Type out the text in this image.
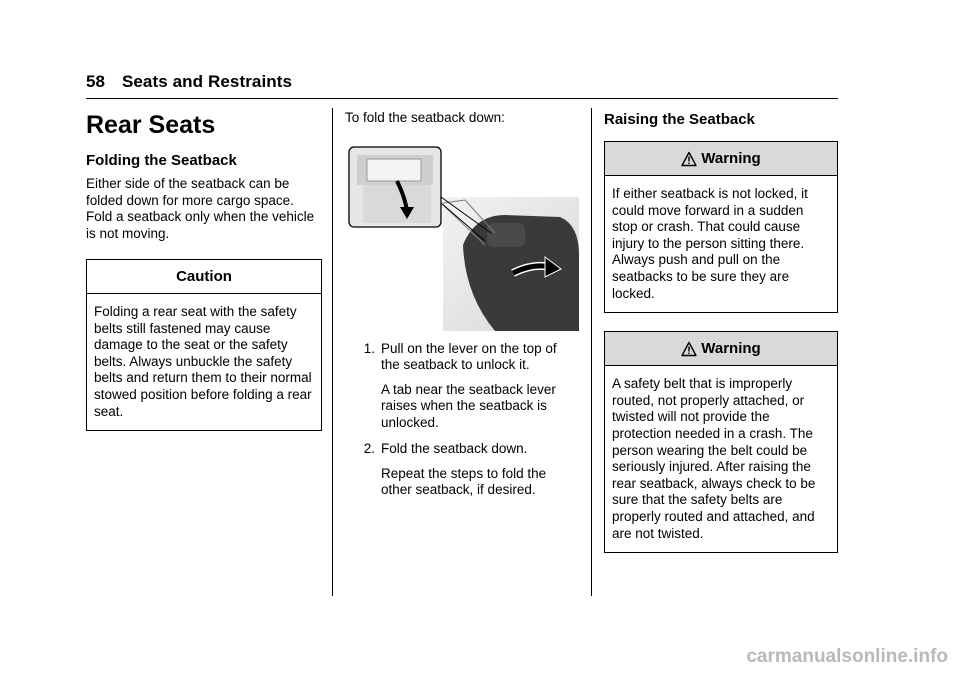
58 Seats and Restraints
Rear Seats
Folding the Seatback

Either side of the seatback can be folded down for more cargo space. Fold a seatback only when the vehicle is not moving.

Caution
Folding a rear seat with the safety belts still fastened may cause damage to the seat or the safety belts. Always unbuckle the safety belts and return them to their normal stowed position before folding a rear seat.

To fold the seatback down:

1. Pull on the lever on the top of the seatback to unlock it.
A tab near the seatback lever raises when the seatback is unlocked.
2. Fold the seatback down.
Repeat the steps to fold the other seatback, if desired.
Raising the Seatback
Warning
If either seatback is not locked, it could move forward in a sudden stop or crash. That could cause injury to the person sitting there. Always push and pull on the seatbacks to be sure they are locked.
Warning
A safety belt that is improperly routed, not properly attached, or twisted will not provide the protection needed in a crash. The person wearing the belt could be seriously injured. After raising the rear seatback, always check to be sure that the safety belts are properly routed and attached, and are not twisted.
carmanualsonline.info
